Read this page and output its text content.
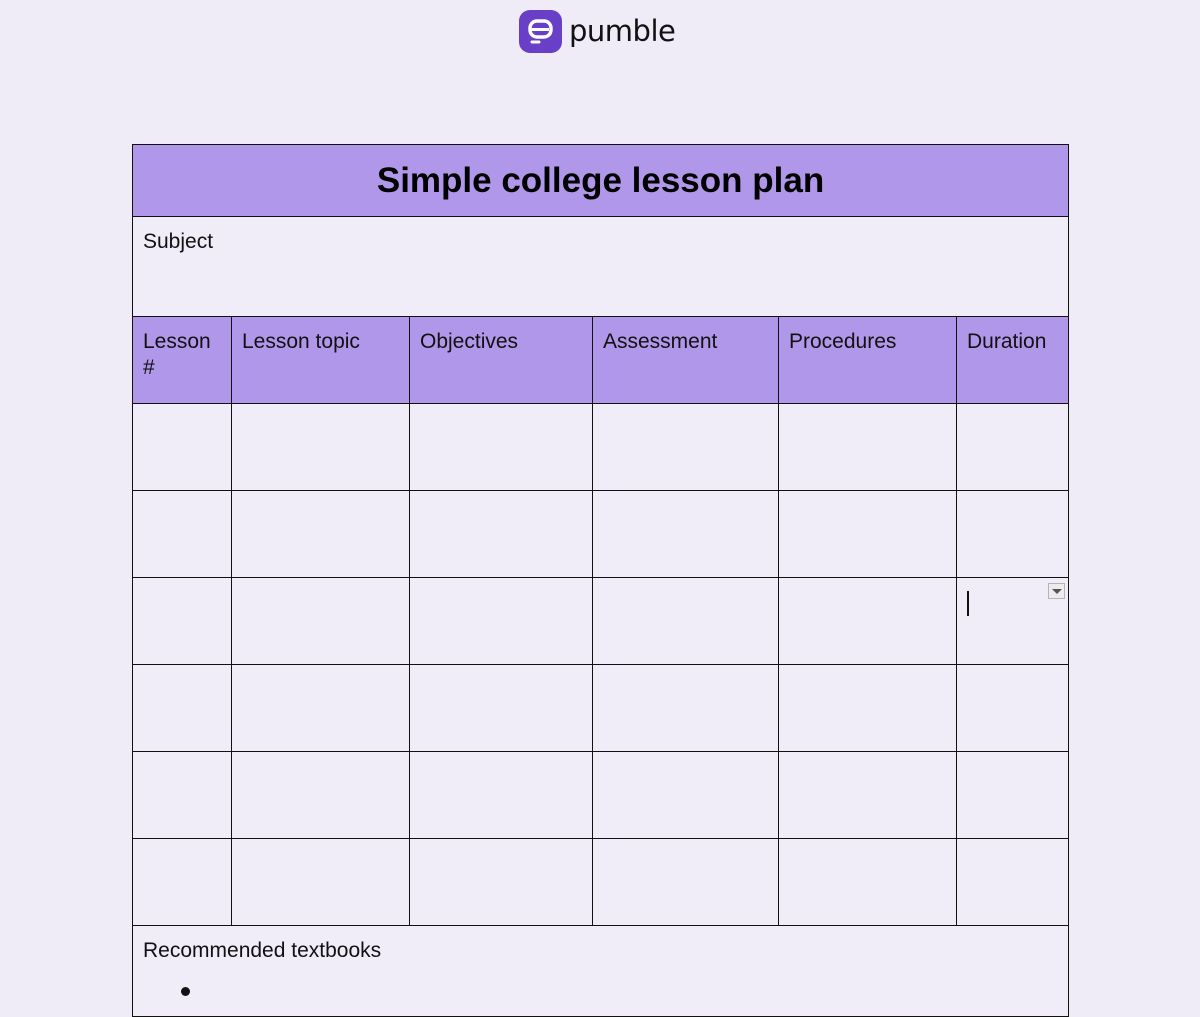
pumble
Simple college lesson plan					

Subject					

Lesson #	Lesson topic	Objectives	Assessment	Procedures	Duration

Recommended textbooks					
